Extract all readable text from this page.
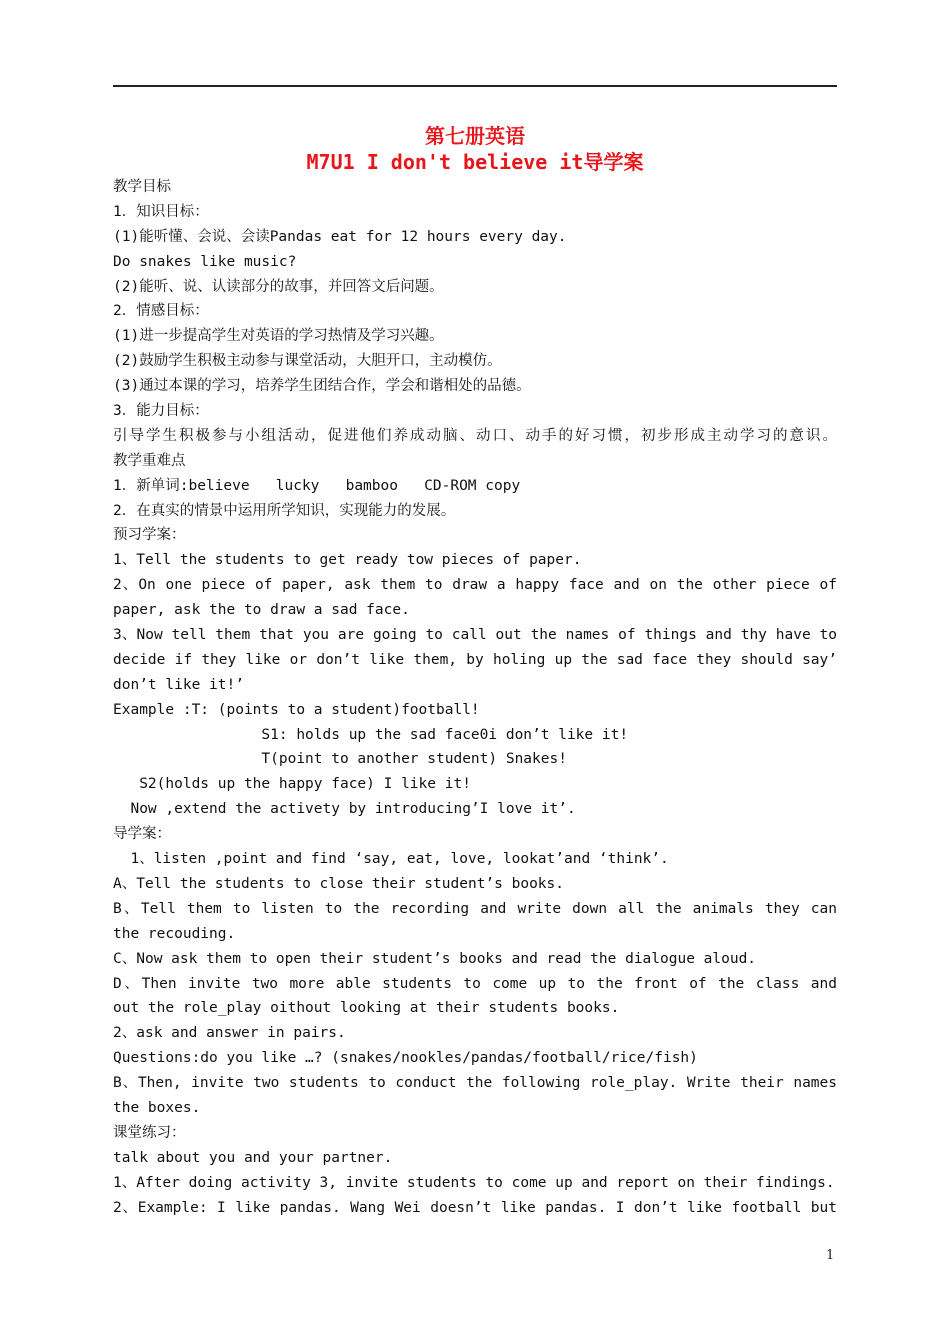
第七册英语
M7U1 I don't believe it导学案
教学目标
1．知识目标：
(1)能听懂、会说、会读Pandas eat for 12 hours every day.
Do snakes like music?
(2)能听、说、认读部分的故事，并回答文后问题。
2．情感目标：
(1)进一步提高学生对英语的学习热情及学习兴趣。
(2)鼓励学生积极主动参与课堂活动，大胆开口，主动模仿。
(3)通过本课的学习，培养学生团结合作，学会和谐相处的品德。
3．能力目标：
引导学生积极参与小组活动，促进他们养成动脑、动口、动手的好习惯，初步形成主动学习的意识。
教学重难点
1．新单词:believe   lucky   bamboo   CD-ROM copy
2．在真实的情景中运用所学知识，实现能力的发展。
预习学案：
1、Tell the students to get ready tow pieces of paper.
2、On one piece of paper, ask them to draw a happy face and on the other piece of
paper, ask the to draw a sad face.
3、Now tell them that you are going to call out the names of things and thy have to
decide if they like or don’t like them, by holing up the sad face they should say’
don’t like it!’
Example :T: (points to a student)football!
S1: holds up the sad face0i don’t like it!
T(point to another student) Snakes!
S2(holds up the happy face) I like it!
Now ,extend the activety by introducing’I love it’.
导学案：
1、listen ,point and find ‘say, eat, love, lookat’and ‘think’.
A、Tell the students to close their student’s books.
B、Tell them to listen to the recording and write down all the animals they can
the recouding.
C、Now ask them to open their student’s books and read the dialogue aloud.
D、Then invite two more able students to come up to the front of the class and
out the role_play oithout looking at their students books.
2、ask and answer in pairs.
Questions:do you like …? (snakes/nookles/pandas/football/rice/fish)
B、Then, invite two students to conduct the following role_play. Write their names
the boxes.
课堂练习：
talk about you and your partner.
1、After doing activity 3, invite students to come up and report on their findings.
2、Example: I like pandas. Wang Wei doesn’t like pandas. I don’t like football but
1
